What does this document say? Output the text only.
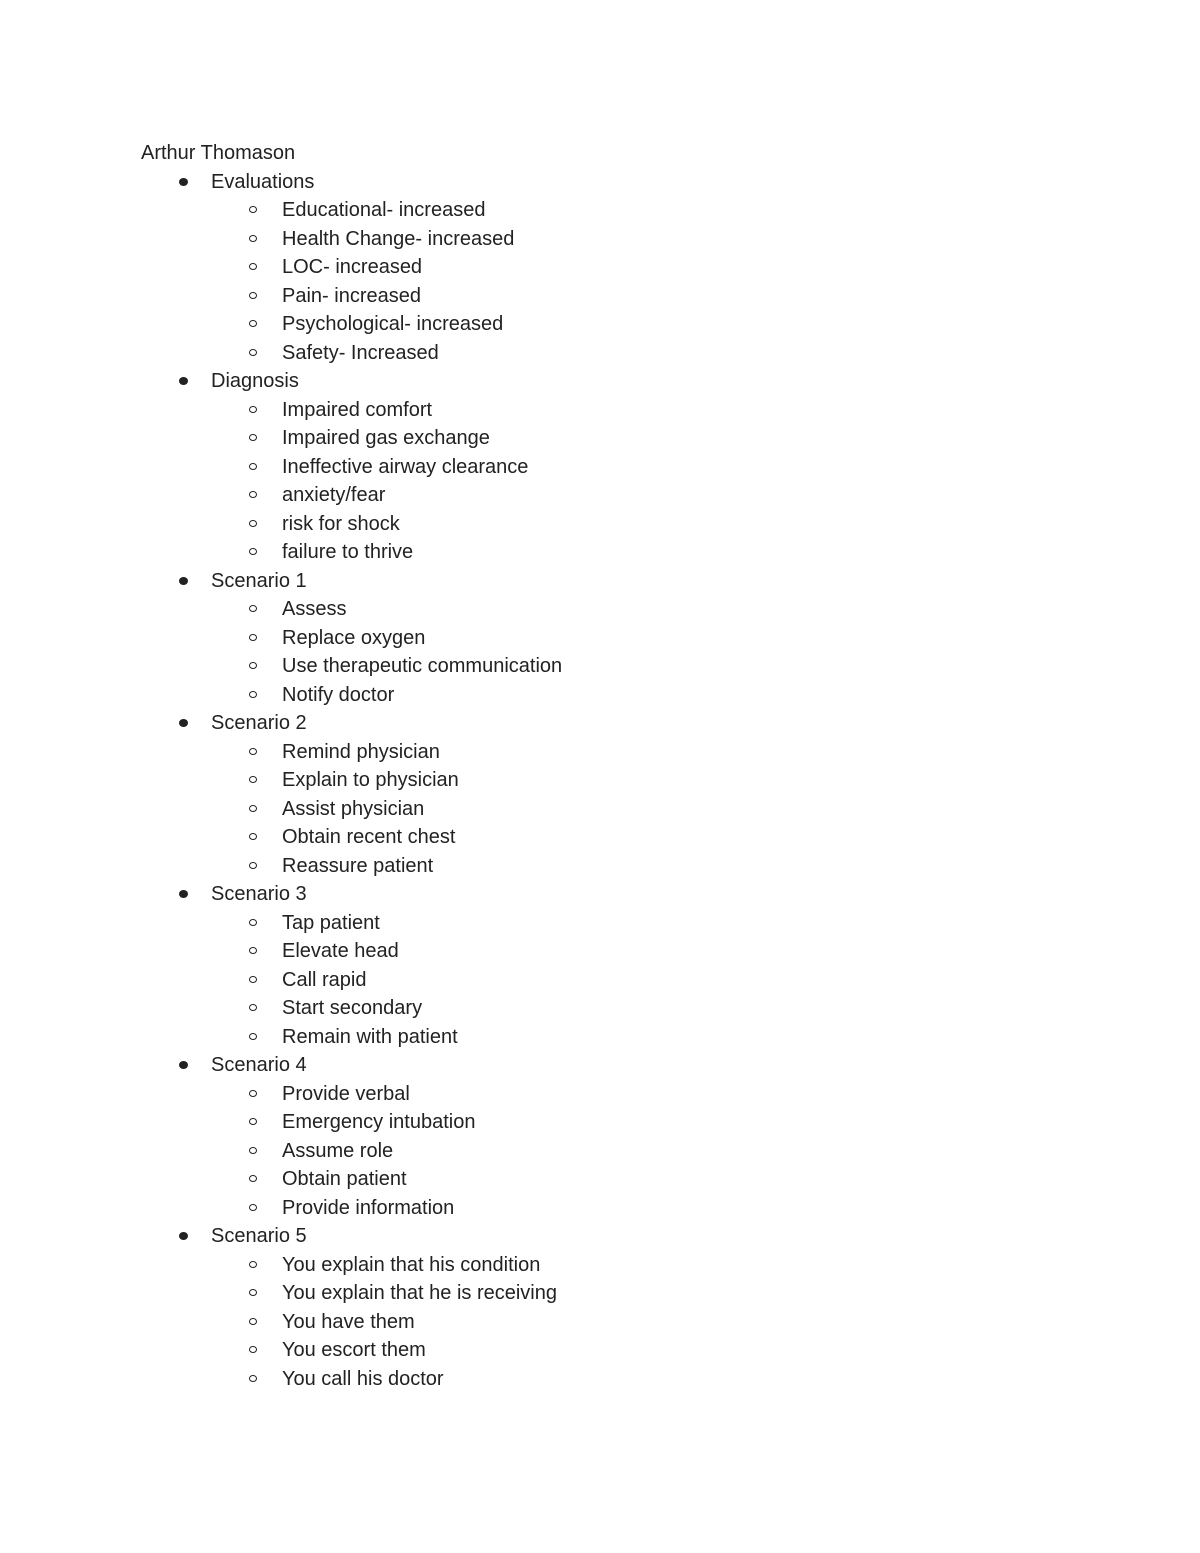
Arthur Thomason
Evaluations
Educational- increased
Health Change- increased
LOC- increased
Pain- increased
Psychological- increased
Safety- Increased
Diagnosis
Impaired comfort
Impaired gas exchange
Ineffective airway clearance
anxiety/fear
risk for shock
failure to thrive
Scenario 1
Assess
Replace oxygen
Use therapeutic communication
Notify doctor
Scenario 2
Remind physician
Explain to physician
Assist physician
Obtain recent chest
Reassure patient
Scenario 3
Tap patient
Elevate head
Call rapid
Start secondary
Remain with patient
Scenario 4
Provide verbal
Emergency intubation
Assume role
Obtain patient
Provide information
Scenario 5
You explain that his condition
You explain that he is receiving
You have them
You escort them
You call his doctor
